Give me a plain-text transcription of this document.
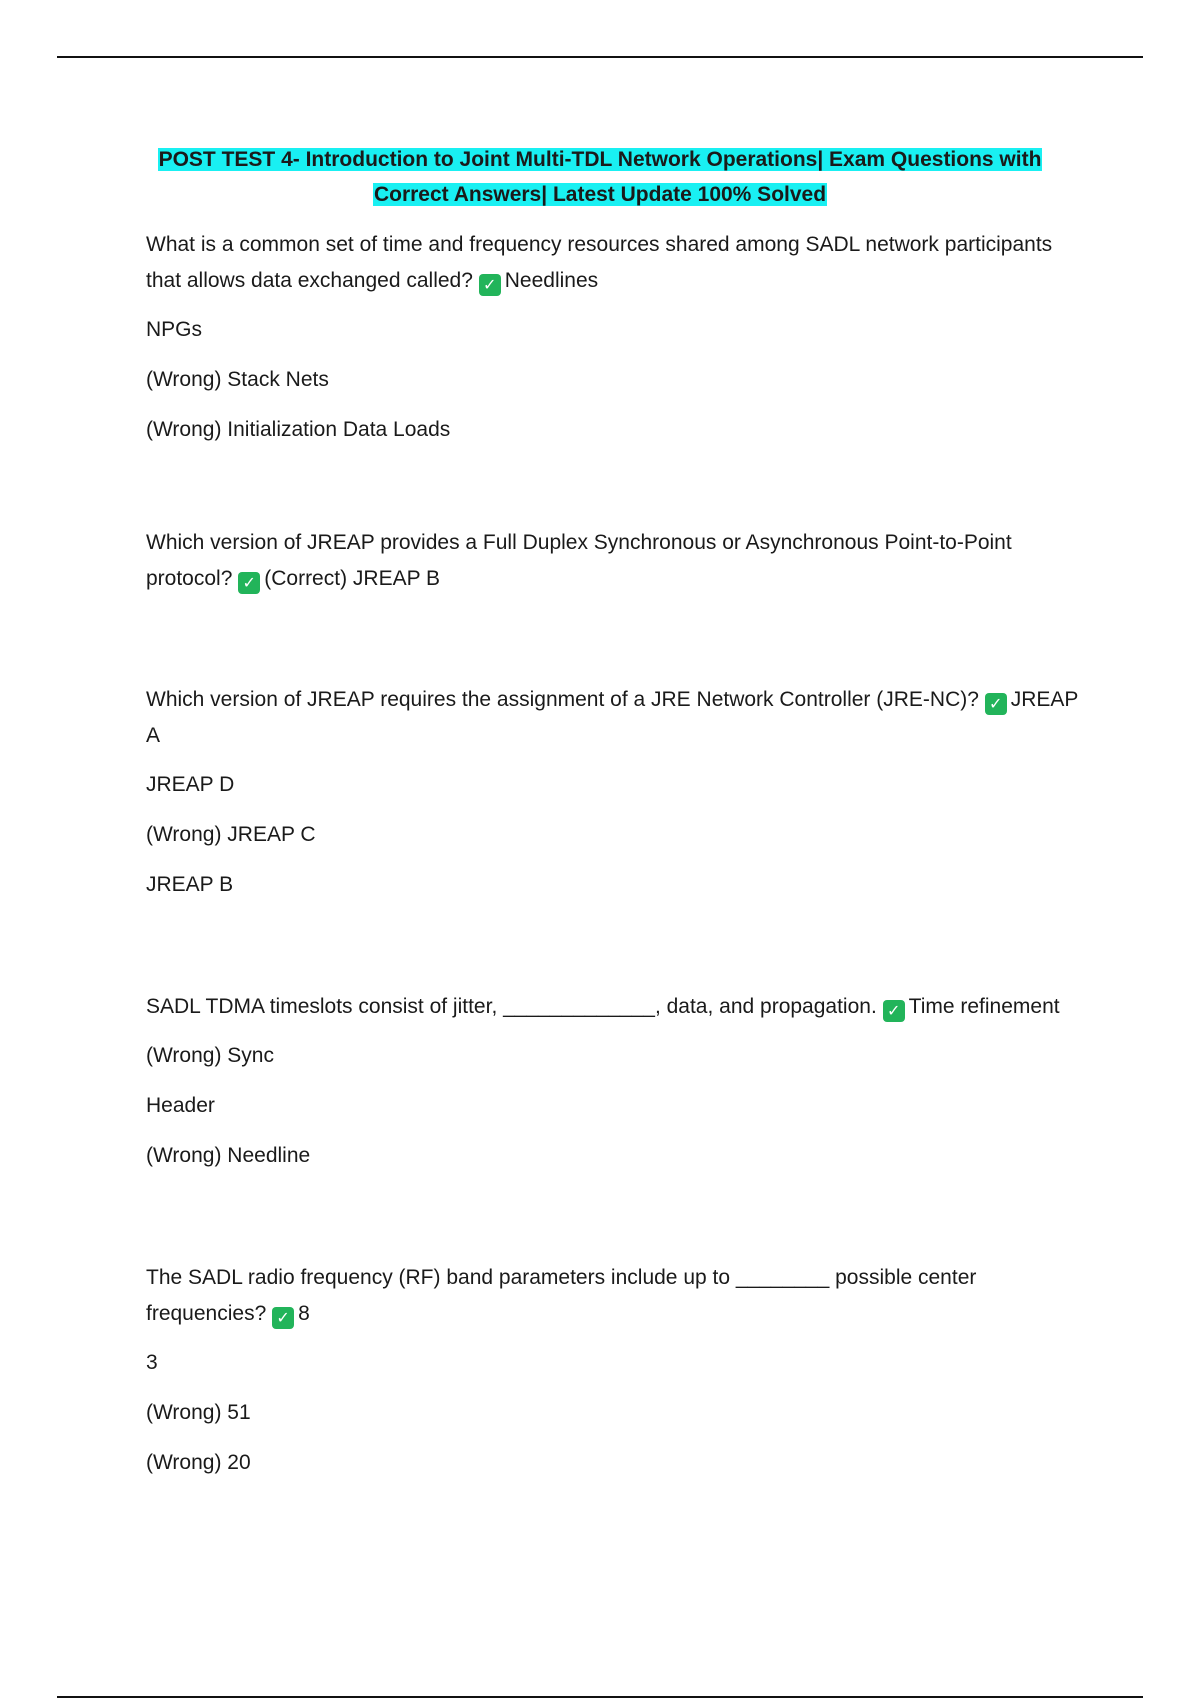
POST TEST 4- Introduction to Joint Multi-TDL Network Operations| Exam Questions with
Correct Answers| Latest Update 100% Solved
What is a common set of time and frequency resources shared among SADL network participants that allows data exchanged called? ✓ Needlines
NPGs
(Wrong) Stack Nets
(Wrong) Initialization Data Loads
Which version of JREAP provides a Full Duplex Synchronous or Asynchronous Point-to-Point protocol? ✓ (Correct) JREAP B
Which version of JREAP requires the assignment of a JRE Network Controller (JRE-NC)? ✓ JREAP A
JREAP D
(Wrong) JREAP C
JREAP B
SADL TDMA timeslots consist of jitter, _____________, data, and propagation. ✓ Time refinement
(Wrong) Sync
Header
(Wrong) Needline
The SADL radio frequency (RF) band parameters include up to ________ possible center frequencies? ✓ 8
3
(Wrong) 51
(Wrong) 20
